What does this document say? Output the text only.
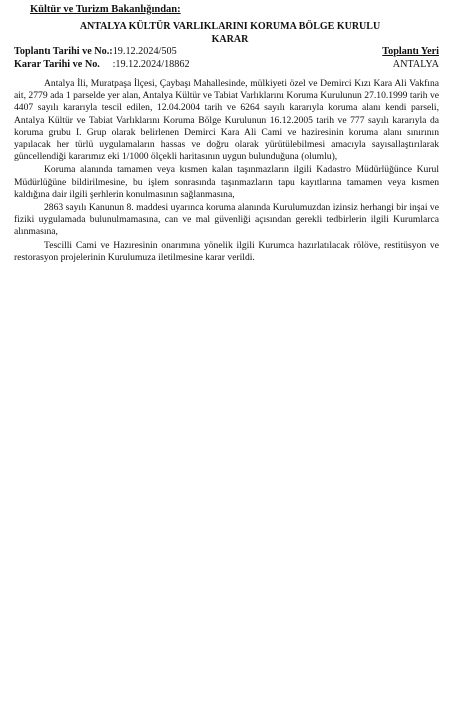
Kültür ve Turizm Bakanlığından:
ANTALYA KÜLTÜR VARLIKLARINI KORUMA BÖLGE KURULU
KARAR
Toplantı Tarihi ve No.:19.12.2024/505	Toplantı Yeri
Karar Tarihi ve No. :19.12.2024/18862	ANTALYA

Antalya İli, Muratpaşa İlçesi, Çaybaşı Mahallesinde, mülkiyeti özel ve Demirci Kızı Kara Ali Vakfına ait, 2779 ada 1 parselde yer alan, Antalya Kültür ve Tabiat Varlıklarını Koruma Kurulunun 27.10.1999 tarih ve 4407 sayılı kararıyla tescil edilen, 12.04.2004 tarih ve 6264 sayılı kararıyla koruma alanı kendi parseli, Antalya Kültür ve Tabiat Varlıklarını Koruma Bölge Kurulunun 16.12.2005 tarih ve 777 sayılı kararıyla da koruma grubu I. Grup olarak belirlenen Demirci Kara Ali Cami ve haziresinin koruma alanı sınırının yapılacak her türlü uygulamaların hassas ve doğru olarak yürütülebilmesi amacıyla sayısallaştırılarak güncellendiği kararımız eki 1/1000 ölçekli haritasının uygun bulunduğuna (olumlu),

Koruma alanında tamamen veya kısmen kalan taşınmazların ilgili Kadastro Müdürlüğünce Kurul Müdürlüğüne bildirilmesine, bu işlem sonrasında taşınmazların tapu kayıtlarına tamamen veya kısmen kaldığına dair ilgili şerhlerin konulmasının sağlanmasına,

2863 sayılı Kanunun 8. maddesi uyarınca koruma alanında Kurulumuzdan izinsiz herhangi bir inşai ve fiziki uygulamada bulunulmamasına, can ve mal güvenliği açısından gerekli tedbirlerin ilgili Kurumlarca alınmasına,

Tescilli Cami ve Hazıresinin onarımına yönelik ilgili Kurumca hazırlatılacak rölöve, restitüsyon ve restorasyon projelerinin Kurulumuza iletilmesine karar verildi.
